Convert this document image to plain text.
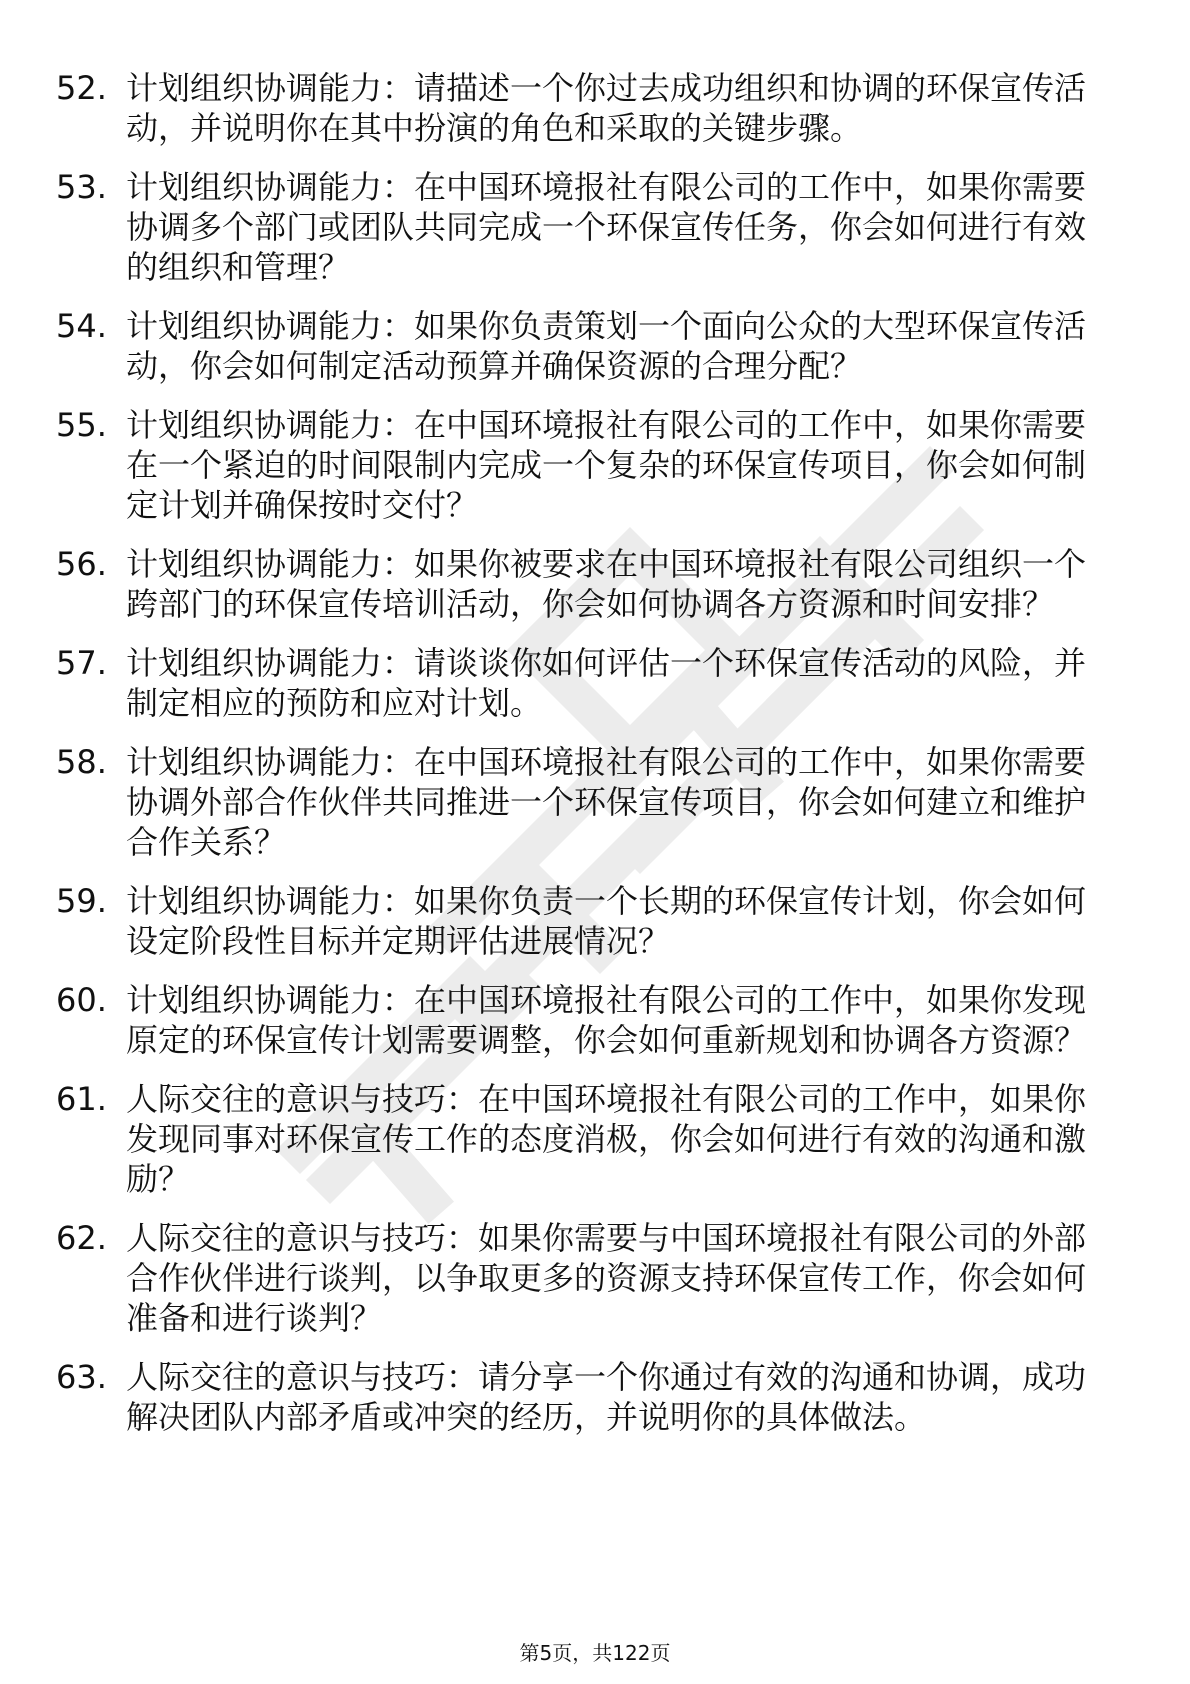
52. 计划组织协调能力：请描述一个你过去成功组织和协调的环保宣传活动，并说明你在其中扮演的角色和采取的关键步骤。
53. 计划组织协调能力：在中国环境报社有限公司的工作中，如果你需要协调多个部门或团队共同完成一个环保宣传任务，你会如何进行有效的组织和管理？
54. 计划组织协调能力：如果你负责策划一个面向公众的大型环保宣传活动，你会如何制定活动预算并确保资源的合理分配？
55. 计划组织协调能力：在中国环境报社有限公司的工作中，如果你需要在一个紧迫的时间限制内完成一个复杂的环保宣传项目，你会如何制定计划并确保按时交付？
56. 计划组织协调能力：如果你被要求在中国环境报社有限公司组织一个跨部门的环保宣传培训活动，你会如何协调各方资源和时间安排？
57. 计划组织协调能力：请谈谈你如何评估一个环保宣传活动的风险，并制定相应的预防和应对计划。
58. 计划组织协调能力：在中国环境报社有限公司的工作中，如果你需要协调外部合作伙伴共同推进一个环保宣传项目，你会如何建立和维护合作关系？
59. 计划组织协调能力：如果你负责一个长期的环保宣传计划，你会如何设定阶段性目标并定期评估进展情况？
60. 计划组织协调能力：在中国环境报社有限公司的工作中，如果你发现原定的环保宣传计划需要调整，你会如何重新规划和协调各方资源？
61. 人际交往的意识与技巧：在中国环境报社有限公司的工作中，如果你发现同事对环保宣传工作的态度消极，你会如何进行有效的沟通和激励？
62. 人际交往的意识与技巧：如果你需要与中国环境报社有限公司的外部合作伙伴进行谈判，以争取更多的资源支持环保宣传工作，你会如何准备和进行谈判？
63. 人际交往的意识与技巧：请分享一个你通过有效的沟通和协调，成功解决团队内部矛盾或冲突的经历，并说明你的具体做法。
第5页，共122页
